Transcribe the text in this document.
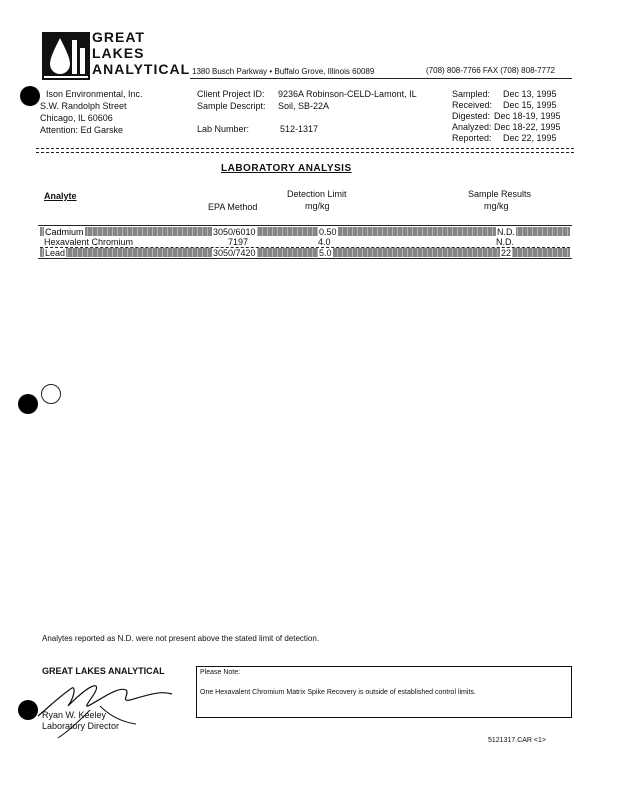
GREAT
LAKES
ANALYTICAL 1380 Busch Parkway • Buffalo Grove, Illinois 60089	(708) 808-7766 FAX (708) 808-7772
Ison Environmental, Inc.
S.W. Randolph Street
Chicago, IL 60606
Attention: Ed Garske
Client Project ID: 9236A Robinson-CELD-Lamont, IL
Sample Descript: Soil, SB-22A
Lab Number:	512-1317
Sampled: Dec 13, 1995
Received: Dec 15, 1995
Digested: Dec 18-19, 1995
Analyzed: Dec 18-22, 1995
Reported: Dec 22, 1995
LABORATORY ANALYSIS
Analyte
EPA Method
Detection Limit
mg/kg
Sample Results
mg/kg
Cadmium	3050/6010	0.50	N.D.
Hexavalent Chromium	7197	4.0	N.D.
Lead	3050/7420	5.0	22
Analytes reported as N.D. were not present above the stated limit of detection.
GREAT LAKES ANALYTICAL
Ryan W. Keeley
Laboratory Director
Please Note:
One Hexavalent Chromium Matrix Spike Recovery is outside of established control limits.
5121317.CAR <1>
